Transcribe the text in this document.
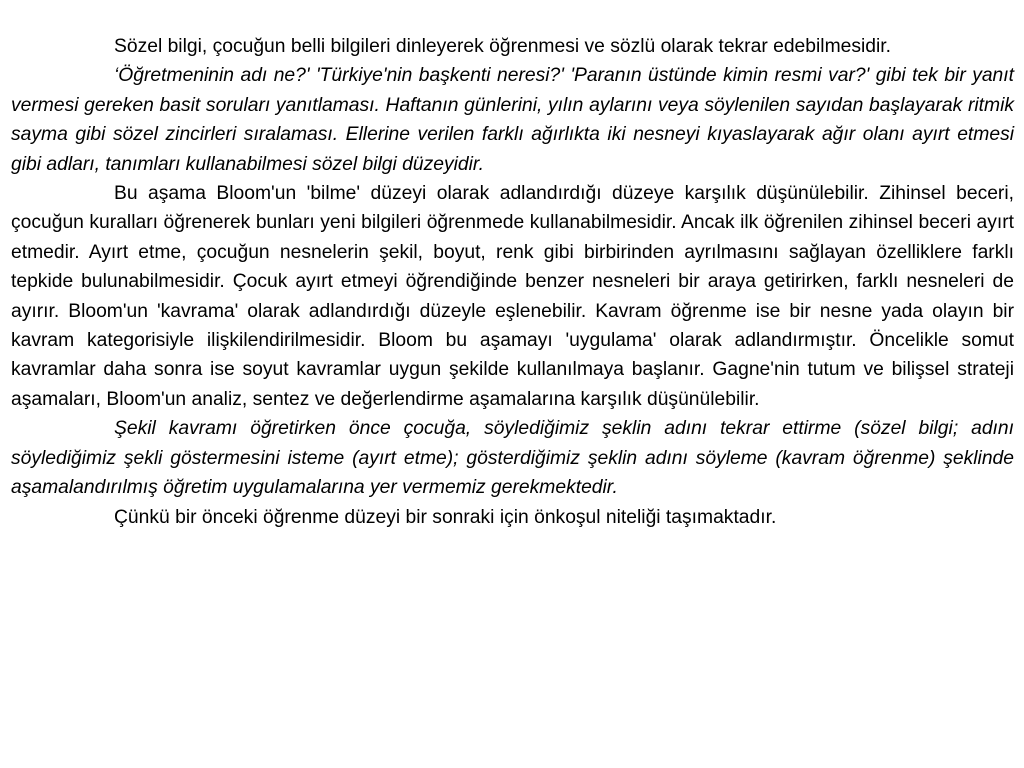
Sözel bilgi, çocuğun belli bilgileri dinleyerek öğrenmesi ve sözlü olarak tekrar edebilmesidir.

‘Öğretmeninin adı ne?' 'Türkiye'nin başkenti neresi?' 'Paranın üstünde kimin resmi var?' gibi tek bir yanıt vermesi gereken basit soruları yanıtlaması. Haftanın günlerini, yılın aylarını veya söylenilen sayıdan başlayarak ritmik sayma gibi sözel zincirleri sıralaması. Ellerine verilen farklı ağırlıkta iki nesneyi kıyaslayarak ağır olanı ayırt etmesi gibi adları, tanımları kullanabilmesi sözel bilgi düzeyidir.

Bu aşama Bloom'un 'bilme' düzeyi olarak adlandırdığı düzeye karşılık düşünülebilir. Zihinsel beceri, çocuğun kuralları öğrenerek bunları yeni bilgileri öğrenmede kullanabilmesidir. Ancak ilk öğrenilen zihinsel beceri ayırt etmedir. Ayırt etme, çocuğun nesnelerin şekil, boyut, renk gibi birbirinden ayrılmasını sağlayan özelliklere farklı tepkide bulunabilmesidir. Çocuk ayırt etmeyi öğrendiğinde benzer nesneleri bir araya getirirken, farklı nesneleri de ayırır. Bloom'un 'kavrama' olarak adlandırdığı düzeyle eşlenebilir. Kavram öğrenme ise bir nesne yada olayın bir kavram kategorisiyle ilişkilendirilmesidir. Bloom bu aşamayı 'uygulama' olarak adlandırmıştır. Öncelikle somut kavramlar daha sonra ise soyut kavramlar uygun şekilde kullanılmaya başlanır. Gagne'nin tutum ve bilişsel strateji aşamaları, Bloom'un analiz, sentez ve değerlendirme aşamalarına karşılık düşünülebilir.

Şekil kavramı öğretirken önce çocuğa, söylediğimiz şeklin adını tekrar ettirme (sözel bilgi; adını söylediğimiz şekli göstermesini isteme (ayırt etme); gösterdiğimiz şeklin adını söyleme (kavram öğrenme) şeklinde aşamalandırılmış öğretim uygulamalarına yer vermemiz gerekmektedir.

Çünkü bir önceki öğrenme düzeyi bir sonraki için önkoşul niteliği taşımaktadır.
